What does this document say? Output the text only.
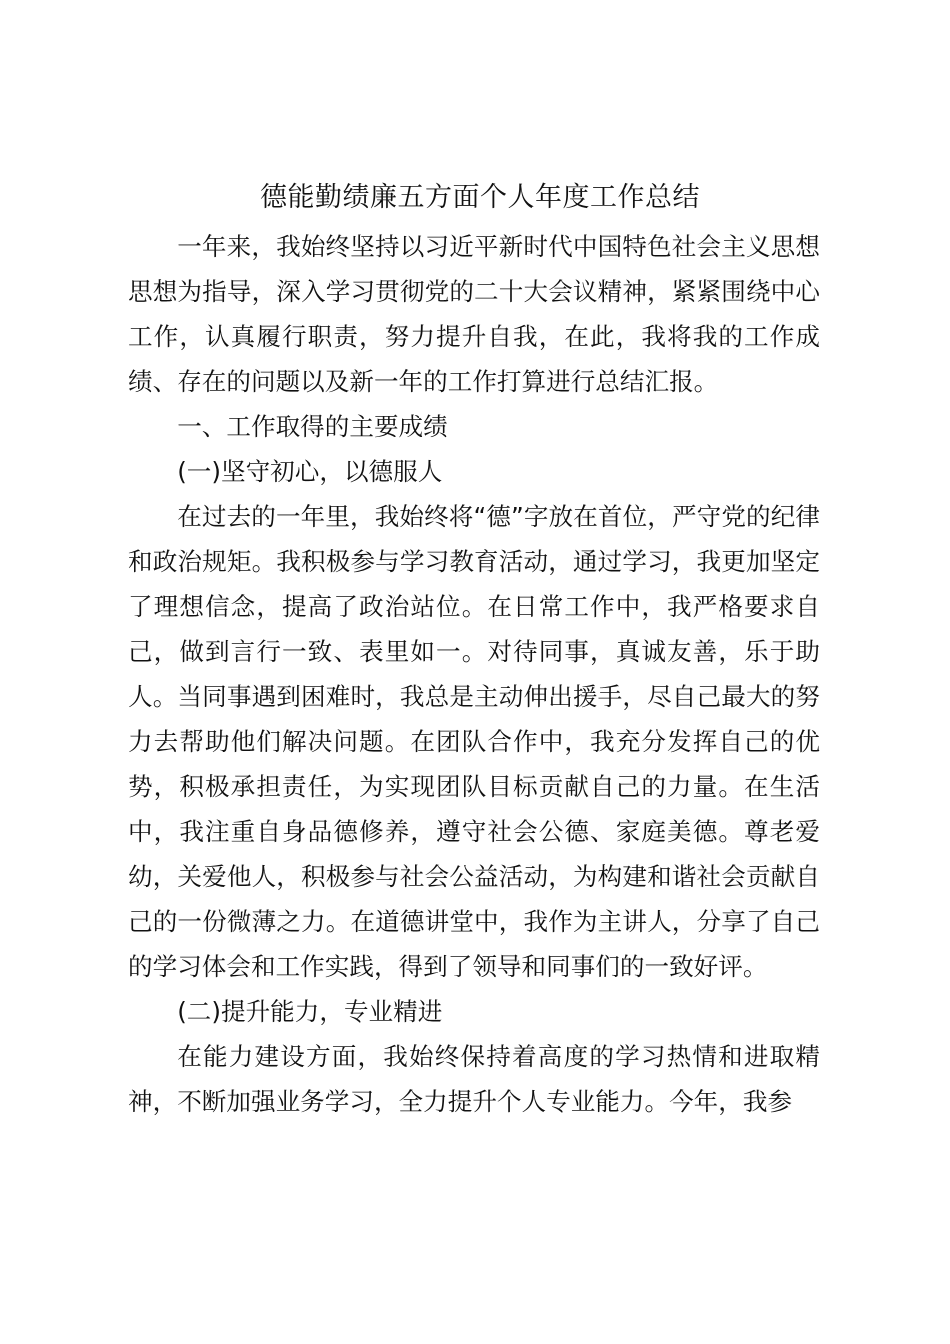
德能勤绩廉五方面个人年度工作总结

一年来，我始终坚持以习近平新时代中国特色社会主义思想思想为指导，深入学习贯彻党的二十大会议精神，紧紧围绕中心工作，认真履行职责，努力提升自我，在此，我将我的工作成绩、存在的问题以及新一年的工作打算进行总结汇报。

一、工作取得的主要成绩

(一)坚守初心，以德服人

在过去的一年里，我始终将“德”字放在首位，严守党的纪律和政治规矩。我积极参与学习教育活动，通过学习，我更加坚定了理想信念，提高了政治站位。在日常工作中，我严格要求自己，做到言行一致、表里如一。对待同事，真诚友善，乐于助人。当同事遇到困难时，我总是主动伸出援手，尽自己最大的努力去帮助他们解决问题。在团队合作中，我充分发挥自己的优势，积极承担责任，为实现团队目标贡献自己的力量。在生活中，我注重自身品德修养，遵守社会公德、家庭美德。尊老爱幼，关爱他人，积极参与社会公益活动，为构建和谐社会贡献自己的一份微薄之力。在道德讲堂中，我作为主讲人，分享了自己的学习体会和工作实践，得到了领导和同事们的一致好评。

(二)提升能力，专业精进

在能力建设方面，我始终保持着高度的学习热情和进取精神，不断加强业务学习，全力提升个人专业能力。今年，我参
